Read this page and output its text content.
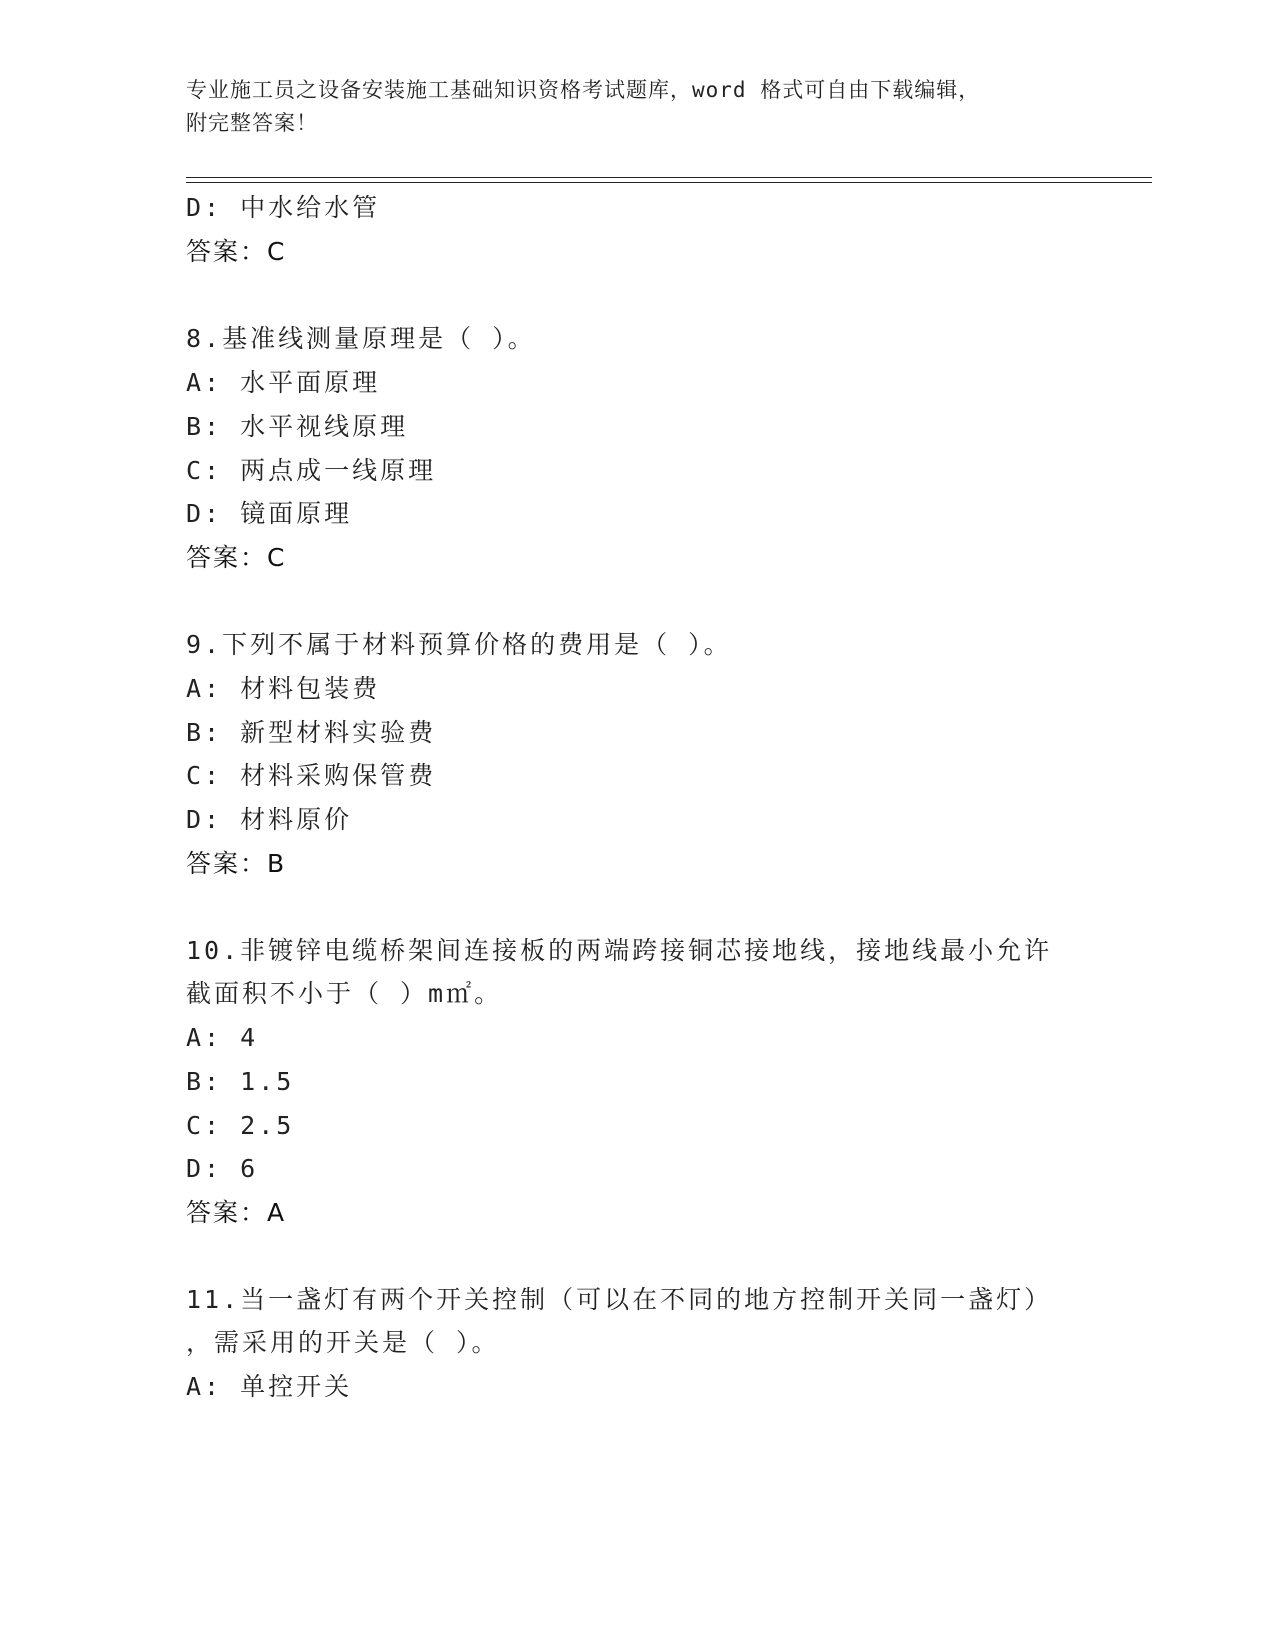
专业施工员之设备安装施工基础知识资格考试题库，word 格式可自由下载编辑，
附完整答案！
D: 中水给水管
答案：C
8.基准线测量原理是（ ）。
A: 水平面原理
B: 水平视线原理
C: 两点成一线原理
D: 镜面原理
答案：C
9.下列不属于材料预算价格的费用是（ ）。
A: 材料包装费
B: 新型材料实验费
C: 材料采购保管费
D: 材料原价
答案：B
10.非镀锌电缆桥架间连接板的两端跨接铜芯接地线，接地线最小允许
截面积不小于（ ）m㎡。
A: 4
B: 1.5
C: 2.5
D: 6
答案：A
11.当一盏灯有两个开关控制（可以在不同的地方控制开关同一盏灯）
，需采用的开关是（ ）。
A: 单控开关
